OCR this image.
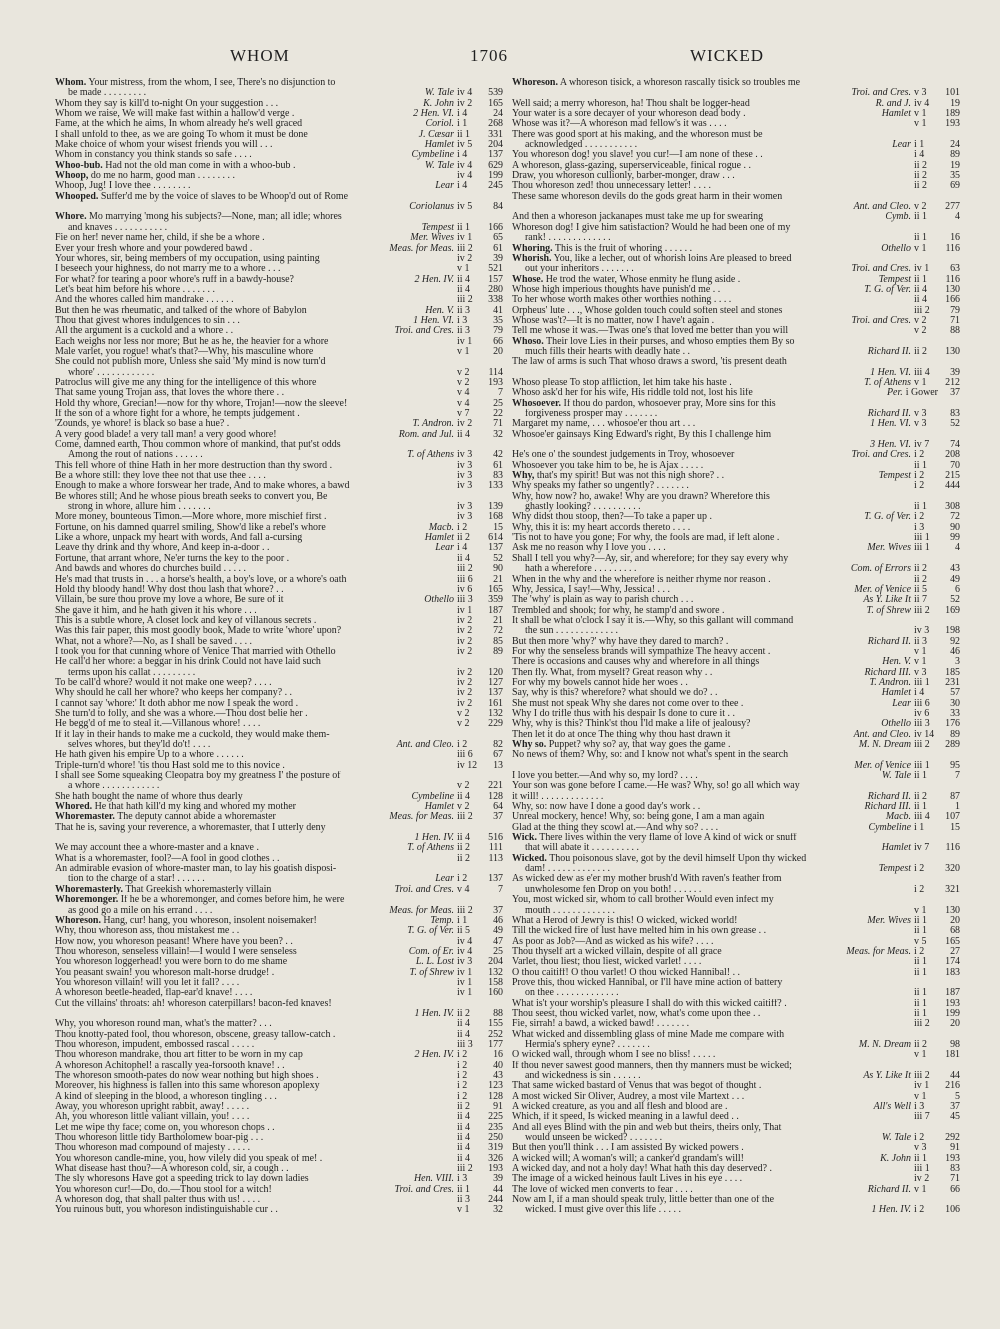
WHOM	1706	WICKED
Whom. Your mistress, from the whom, I see, There's no disjunction to
be made . . . . . . . . .	W. Tale iv 4	539
Whom they say is kill'd to-night On your suggestion . . .	K. John iv 2	165
Whom we raise, We will make fast within a hallow'd verge .	2 Hen. VI. i 4	24
Fame, at the which he aims, In whom already he's well graced	Coriol. i 1	268
I shall unfold to thee, as we are going To whom it must be done	J. Cæsar ii 1	331
Make choice of whom your wisest friends you will . . .	Hamlet iv 5	204
Whom in constancy you think stands so safe . . . .	Cymbeline i 4	137
Whoo-bub. Had not the old man come in with a whoo-bub .	W. Tale iv 4	629
Whoop, do me no harm, good man . . . . . . . .	iv 4	199
Whoop, Jug! I love thee . . . . . . . .	Lear i 4	245
Whooped. Suffer'd me by the voice of slaves to be Whoop'd out of Rome
Coriolanus iv 5	84
Whore. Mo marrying 'mong his subjects?—None, man; all idle; whores
and knaves . . . . . . . . . . .	Tempest ii 1	166
Fie on her! never name her, child, if she be a whore .	Mer. Wives iv 1	65
Ever your fresh whore and your powdered bawd .	Meas. for Meas. iii 2	61
Your whores, sir, being members of my occupation, using painting	iv 2	39
I beseech your highness, do not marry me to a whore . . .	v 1	521
For what? for tearing a poor whore's ruff in a bawdy-house?	2 Hen. IV. ii 4	157
Let's beat him before his whore . . . . . . .	ii 4	280
And the whores called him mandrake . . . . . .	iii 2	338
But then he was rheumatic, and talked of the whore of Babylon	Hen. V. ii 3	41
Thou that givest whores indulgences to sin . . .	1 Hen. VI. i 3	35
All the argument is a cuckold and a whore . .	Troi. and Cres. ii 3	79
Each weighs nor less nor more; But he as he, the heavier for a whore	iv 1	66
Male varlet, you rogue! what's that?—Why, his masculine whore	v 1	20
She could not publish more, Unless she said 'My mind is now turn'd
whore' . . . . . . . . . . . .	v 2	114
Patroclus will give me any thing for the intelligence of this whore	v 2	193
That same young Trojan ass, that loves the whore there . .	v 4	7
Hold thy whore, Grecian!—now for thy whore, Trojan!—now the sleeve!	v 4	25
If the son of a whore fight for a whore, he tempts judgement .	v 7	22
'Zounds, ye whore! is black so base a hue? .	T. Andron. iv 2	71
A very good blade! a very tall man! a very good whore!	Rom. and Jul. ii 4	32
Come, damned earth, Thou common whore of mankind, that put'st odds
Among the rout of nations . . . . . .	T. of Athens iv 3	42
This fell whore of thine Hath in her more destruction than thy sword .	iv 3	61
Be a whore still: they love thee not that use thee . . . .	iv 3	83
Enough to make a whore forswear her trade, And to make whores, a bawd	iv 3	133
Be whores still; And he whose pious breath seeks to convert you, Be
strong in whore, allure him . . . . . . .	iv 3	139
More money, bounteous Timon.—More whore, more mischief first .	iv 3	168
Fortune, on his damned quarrel smiling, Show'd like a rebel's whore	Macb. i 2	15
Like a whore, unpack my heart with words, And fall a-cursing	Hamlet ii 2	614
Leave thy drink and thy whore, And keep in-a-door . .	Lear i 4	137
Fortune, that arrant whore, Ne'er turns the key to the poor .	ii 4	52
And bawds and whores do churches build . . . . .	iii 2	90
He's mad that trusts in . . . a horse's health, a boy's love, or a whore's oath	iii 6	21
Hold thy bloody hand! Why dost thou lash that whore? . .	iv 6	165
Villain, be sure thou prove my love a whore, Be sure of it	Othello iii 3	359
She gave it him, and he hath given it his whore . . .	iv 1	187
This is a subtle whore, A closet lock and key of villanous secrets .	iv 2	21
Was this fair paper, this most goodly book, Made to write 'whore' upon?	iv 2	72
What, not a whore?—No, as I shall be saved . . . .	iv 2	85
I took you for that cunning whore of Venice That married with Othello	iv 2	89
He call'd her whore: a beggar in his drink Could not have laid such
terms upon his callat . . . . . . . . .	iv 2	120
To be call'd whore? would it not make one weep? . . . .	iv 2	127
Why should he call her whore? who keeps her company? . .	iv 2	137
I cannot say 'whore:' It doth abhor me now I speak the word .	iv 2	161
She turn'd to folly, and she was a whore.—Thou dost belie her .	v 2	132
He begg'd of me to steal it.—Villanous whore! . . . .	v 2	229
If it lay in their hands to make me a cuckold, they would make them-
selves whores, but they'ld do't! . . . .	Ant. and Cleo. i 2	82
He hath given his empire Up to a whore . . . . . .	iii 6	67
Triple-turn'd whore! 'tis thou Hast sold me to this novice .	iv 12	13
I shall see Some squeaking Cleopatra boy my greatness I' the posture of
a whore . . . . . . . . . . . .	v 2	221
She hath bought the name of whore thus dearly	Cymbeline ii 4	128
Whored. He that hath kill'd my king and whored my mother	Hamlet v 2	64
Whoremaster. The deputy cannot abide a whoremaster	Meas. for Meas. iii 2	37
That he is, saving your reverence, a whoremaster, that I utterly deny
1 Hen. IV. ii 4	516
We may account thee a whore-master and a knave .	T. of Athens ii 2	111
What is a whoremaster, fool?—A fool in good clothes . .	ii 2	113
An admirable evasion of whore-master man, to lay his goatish disposi-
tion to the charge of a star! . . . . . .	Lear i 2	137
Whoremasterly. That Greekish whoremasterly villain	Troi. and Cres. v 4	7
Whoremonger. If he be a whoremonger, and comes before him, he were
as good go a mile on his errand . . . .	Meas. for Meas. iii 2	37
Whoreson. Hang, cur! hang, you whoreson, insolent noisemaker!	Temp. i 1	46
Why, thou whoreson ass, thou mistakest me . .	T. G. of Ver. ii 5	49
How now, you whoreson peasant! Where have you been? . .	iv 4	47
Thou whoreson, senseless villain!—I would I were senseless	Com. of Er. iv 4	25
You whoreson loggerhead! you were born to do me shame	L. L. Lost iv 3	204
You peasant swain! you whoreson malt-horse drudge! .	T. of Shrew iv 1	132
You whoreson villain! will you let it fall? . . . .	iv 1	158
A whoreson beetle-headed, flap-ear'd knave! . . . .	iv 1	160
Cut the villains' throats: ah! whoreson caterpillars! bacon-fed knaves!
1 Hen. IV. ii 2	88
Why, you whoreson round man, what's the matter? . . .	ii 4	155
Thou knotty-pated fool, thou whoreson, obscene, greasy tallow-catch .	ii 4	252
Thou whoreson, impudent, embossed rascal . . . . .	iii 3	177
Thou whoreson mandrake, thou art fitter to be worn in my cap	2 Hen. IV. i 2	16
A whoreson Achitophel! a rascally yea-forsooth knave! . .	i 2	40
The whoreson smooth-pates do now wear nothing but high shoes .	i 2	43
Moreover, his highness is fallen into this same whoreson apoplexy	i 2	123
A kind of sleeping in the blood, a whoreson tingling . . .	i 2	128
Away, you whoreson upright rabbit, away! . . . . .	ii 2	91
Ah, you whoreson little valiant villain, you! . . . .	ii 4	225
Let me wipe thy face; come on, you whoreson chops . .	ii 4	235
Thou whoreson little tidy Bartholomew boar-pig . . .	ii 4	250
Thou whoreson mad compound of majesty . . . . .	ii 4	319
You whoreson candle-mine, you, how vilely did you speak of me! .	ii 4	326
What disease hast thou?—A whoreson cold, sir, a cough . .	iii 2	193
The sly whoresons Have got a speeding trick to lay down ladies	Hen. VIII. i 3	39
You whoreson cur!—Do, do.—Thou stool for a witch!	Troi. and Cres. ii 1	44
A whoreson dog, that shall palter thus with us! . . . .	ii 3	244
You ruinous butt, you whoreson indistinguishable cur . .	v 1	32
Whoreson. A whoreson tisick, a whoreson rascally tisick so troubles me
Troi. and Cres. v 3	101
Well said; a merry whoreson, ha! Thou shalt be logger-head	R. and J. iv 4	19
Your water is a sore decayer of your whoreson dead body .	Hamlet v 1	189
Whose was it?—A whoreson mad fellow's it was . . . .	v 1	193
There was good sport at his making, and the whoreson must be
acknowledged . . . . . . . . . . .	Lear i 1	24
You whoreson dog! you slave! you cur!—I am none of these . .	i 4	89
A whoreson, glass-gazing, superserviceable, finical rogue . .	ii 2	19
Draw, you whoreson cullionly, barber-monger, draw . . .	ii 2	35
Thou whoreson zed! thou unnecessary letter! . . . .	ii 2	69
These same whoreson devils do the gods great harm in their women
Ant. and Cleo. v 2	277
And then a whoreson jackanapes must take me up for swearing	Cymb. ii 1	4
Whoreson dog! I give him satisfaction? Would he had been one of my
rank! . . . . . . . . . . . . .	ii 1	16
Whoring. This is the fruit of whoring . . . . . .	Othello v 1	116
Whorish. You, like a lecher, out of whorish loins Are pleased to breed
out your inheritors . . . . . . .	Troi. and Cres. iv 1	63
Whose. He trod the water, Whose enmity he flung aside .	Tempest ii 1	116
Whose high imperious thoughts have punish'd me . .	T. G. of Ver. ii 4	130
To her whose worth makes other worthies nothing . . . .	ii 4	166
Orpheus' lute . . ., Whose golden touch could soften steel and stones	iii 2	79
Whose was't?—It is no matter, now I have't again .	Troi. and Cres. v 2	71
Tell me whose it was.—Twas one's that loved me better than you will	v 2	88
Whoso. Their love Lies in their purses, and whoso empties them By so
much fills their hearts with deadly hate . .	Richard II. ii 2	130
The law of arms is such That whoso draws a sword, 'tis present death
1 Hen. VI. iii 4	39
Whoso please To stop affliction, let him take his haste .	T. of Athens v 1	212
Whoso ask'd her for his wife, His riddle told not, lost his life	Per. i Gower	37
Whosoever. If thou do pardon, whosoever pray, More sins for this
forgiveness prosper may . . . . . . .	Richard II. v 3	83
Margaret my name, . . . whosoe'er thou art . . .	1 Hen. VI. v 3	52
Whosoe'er gainsays King Edward's right, By this I challenge him
3 Hen. VI. iv 7	74
He's one o' the soundest judgements in Troy, whosoever	Troi. and Cres. i 2	208
Whosoever you take him to be, he is Ajax . . . . .	ii 1	70
Why, that's my spirit! But was not this nigh shore? . .	Tempest i 2	215
Why speaks my father so ungently? . . . . . . .	i 2	444
Why, how now? ho, awake! Why are you drawn? Wherefore this
ghastly looking? . . . . . . . . . .	ii 1	308
Why didst thou stoop, then?—To take a paper up .	T. G. of Ver. i 2	72
Why, this it is: my heart accords thereto . . . .	i 3	90
'Tis not to have you gone; For why, the fools are mad, if left alone .	iii 1	99
Ask me no reason why I love you . . . .	Mer. Wives iii 1	4
Shall I tell you why?—Ay, sir, and wherefore; for they say every why
hath a wherefore . . . . . . . . .	Com. of Errors ii 2	43
When in the why and the wherefore is neither rhyme nor reason .	ii 2	49
Why, Jessica, I say!—Why, Jessica! . . .	Mer. of Venice ii 5	6
The 'why' is plain as way to parish church . . .	As Y. Like It ii 7	52
Trembled and shook; for why, he stamp'd and swore .	T. of Shrew iii 2	169
It shall be what o'clock I say it is.—Why, so this gallant will command
the sun . . . . . . . . . . . . .	iv 3	198
But then more 'why?' why have they dared to march? .	Richard II. ii 3	92
For why the senseless brands will sympathize The heavy accent .	v 1	46
There is occasions and causes why and wherefore in all things	Hen. V. v 1	3
Then fly. What, from myself? Great reason why . .	Richard III. v 3	185
For why my bowels cannot hide her woes . .	T. Andron. iii 1	231
Say, why is this? wherefore? what should we do? . .	Hamlet i 4	57
She must not speak Why she dares not come over to thee .	Lear iii 6	30
Why I do trifle thus with his despair Is done to cure it . .	iv 6	33
Why, why is this? Think'st thou I'ld make a life of jealousy?	Othello iii 3	176
Then let it do at once The thing why thou hast drawn it	Ant. and Cleo. iv 14	89
Why so. Puppet? why so? ay, that way goes the game .	M. N. Dream iii 2	289
No news of them? Why, so: and I know not what's spent in the search
Mer. of Venice iii 1	95
I love you better.—And why so, my lord? . . . .	W. Tale ii 1	7
Your son was gone before I came.—He was? Why, so! go all which way
it will! . . . . . . . . . . . . .	Richard II. ii 2	87
Why, so: now have I done a good day's work . .	Richard III. ii 1	1
Unreal mockery, hence! Why, so: being gone, I am a man again	Macb. iii 4	107
Glad at the thing they scowl at.—And why so? . . . .	Cymbeline i 1	15
Wick. There lives within the very flame of love A kind of wick or snuff
that will abate it . . . . . . . . . .	Hamlet iv 7	116
Wicked. Thou poisonous slave, got by the devil himself Upon thy wicked
dam! . . . . . . . . . . . . .	Tempest i 2	320
As wicked dew as e'er my mother brush'd With raven's feather from
unwholesome fen Drop on you both! . . . . . .	i 2	321
You, most wicked sir, whom to call brother Would even infect my
mouth . . . . . . . . . . . . .	v 1	130
What a Herod of Jewry is this! O wicked, wicked world!	Mer. Wives ii 1	20
Till the wicked fire of lust have melted him in his own grease . .	ii 1	68
As poor as Job?—And as wicked as his wife? . . . .	v 5	165
Thou thyself art a wicked villain, despite of all grace	Meas. for Meas. i 2	27
Varlet, thou liest; thou liest, wicked varlet! . . . .	ii 1	174
O thou caitiff! O thou varlet! O thou wicked Hannibal! . .	ii 1	183
Prove this, thou wicked Hannibal, or I'll have mine action of battery
on thee . . . . . . . . . . . . .	ii 1	187
What is't your worship's pleasure I shall do with this wicked caitiff? .	ii 1	193
Thou seest, thou wicked varlet, now, what's come upon thee . .	ii 1	199
Fie, sirrah! a bawd, a wicked bawd! . . . . . . .	iii 2	20
What wicked and dissembling glass of mine Made me compare with
Hermia's sphery eyne? . . . . . . .	M. N. Dream ii 2	98
O wicked wall, through whom I see no bliss! . . . . .	v 1	181
If thou never sawest good manners, then thy manners must be wicked;
and wickedness is sin . . . . . .	As Y. Like It iii 2	44
That same wicked bastard of Venus that was begot of thought .	iv 1	216
A most wicked Sir Oliver, Audrey, a most vile Martext . . .	v 1	5
A wicked creature, as you and all flesh and blood are .	All's Well i 3	37
Which, if it speed, Is wicked meaning in a lawful deed . .	iii 7	45
And all eyes Blind with the pin and web but theirs, theirs only, That
would unseen be wicked? . . . . . . .	W. Tale i 2	292
But then you'll think . . . I am assisted By wicked powers .	v 3	91
A wicked will; A woman's will; a canker'd grandam's will!	K. John ii 1	193
A wicked day, and not a holy day! What hath this day deserved? .	iii 1	83
The image of a wicked heinous fault Lives in his eye . . . .	iv 2	71
The love of wicked men converts to fear . . . .	Richard II. v 1	66
Now am I, if a man should speak truly, little better than one of the
wicked. I must give over this life . . . . .	1 Hen. IV. i 2	106
